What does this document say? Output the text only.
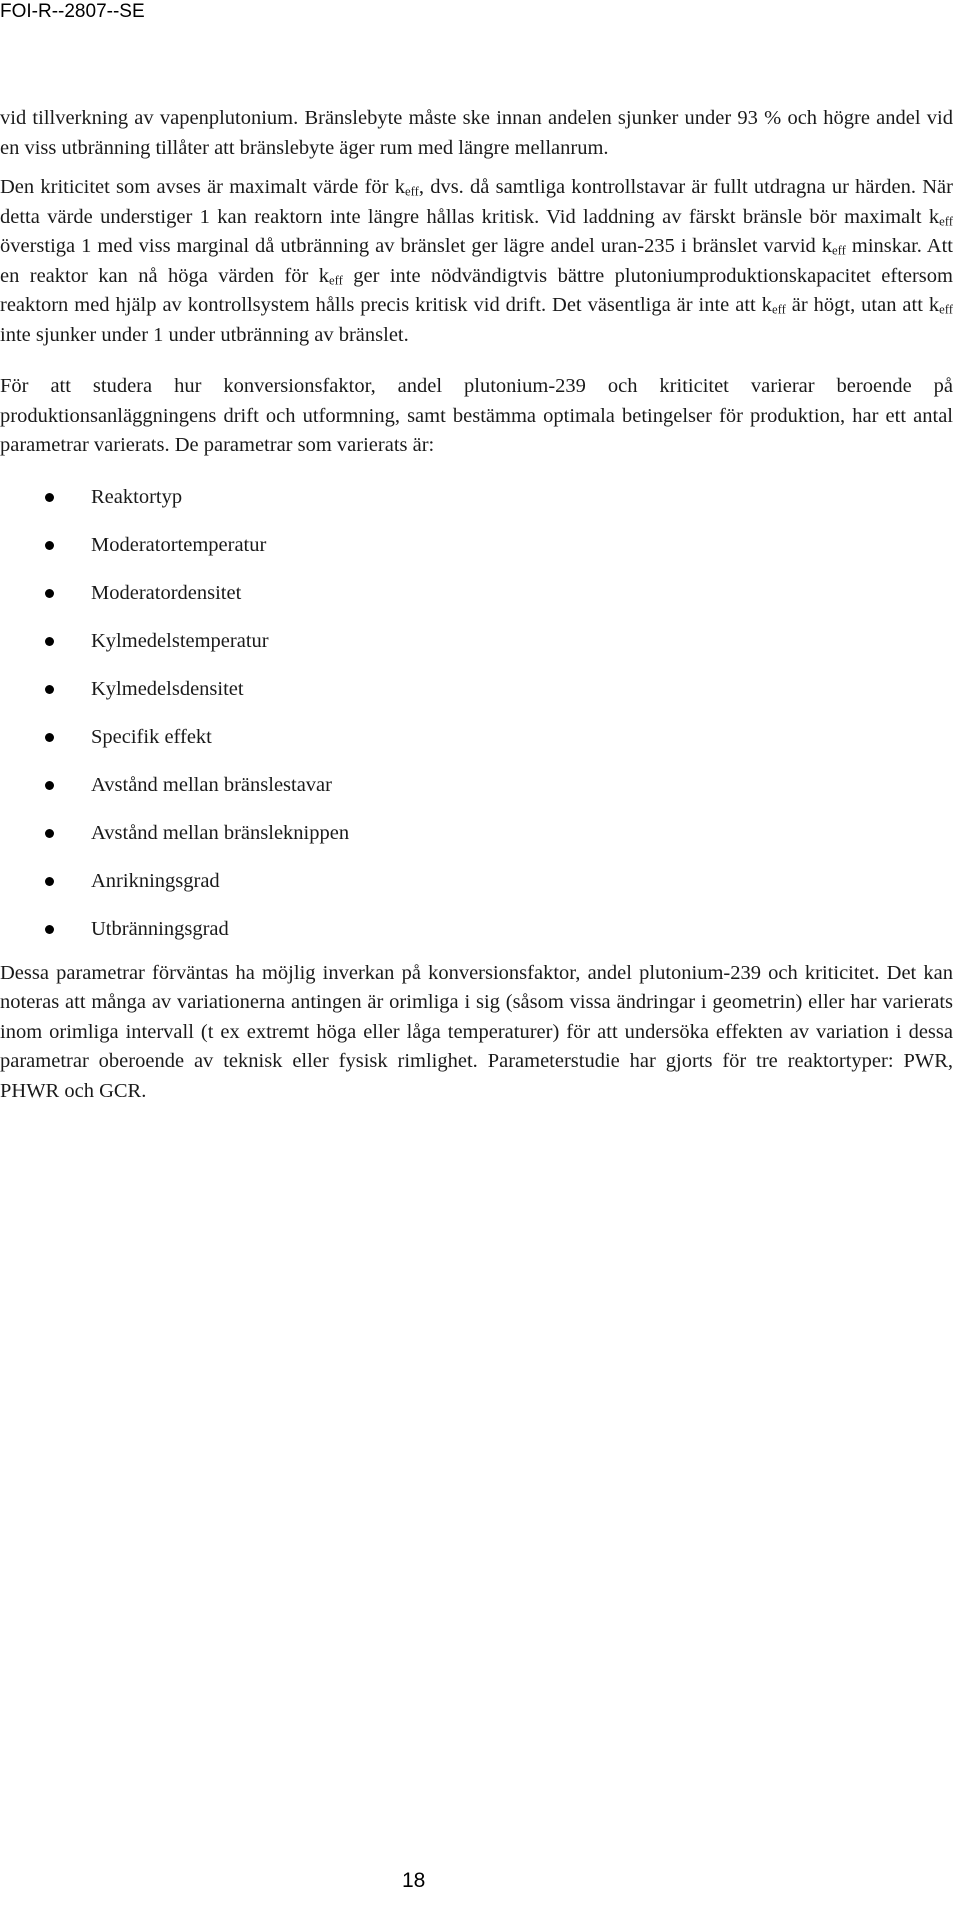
FOI-R--2807--SE

vid tillverkning av vapenplutonium. Bränslebyte måste ske innan andelen sjunker under 93 % och högre andel vid en viss utbränning tillåter att bränslebyte äger rum med längre mellanrum.

Den kriticitet som avses är maximalt värde för $k_{eff}$, dvs. då samtliga kontrollstavar är fullt utdragna ur härden. När detta värde understiger 1 kan reaktorn inte längre hållas kritisk. Vid laddning av färskt bränsle bör maximalt $k_{eff}$ överstiga 1 med viss marginal då utbränning av bränslet ger lägre andel uran-235 i bränslet varvid $k_{eff}$ minskar. Att en reaktor kan nå höga värden för $k_{eff}$ ger inte nödvändigtvis bättre plutoniumproduktionskapacitet eftersom reaktorn med hjälp av kontrollsystem hålls precis kritisk vid drift. Det väsentliga är inte att $k_{eff}$ är högt, utan att $k_{eff}$ inte sjunker under 1 under utbränning av bränslet.

För att studera hur konversionsfaktor, andel plutonium-239 och kriticitet varierar beroende på produktionsanläggningens drift och utformning, samt bestämma optimala betingelser för produktion, har ett antal parametrar varierats. De parametrar som varierats är:

Reaktortyp
Moderatortemperatur
Moderatordensitet
Kylmedelstemperatur
Kylmedelsdensitet
Specifik effekt
Avstånd mellan bränslestavar
Avstånd mellan bränsleknippen
Anrikningsgrad
Utbränningsgrad

Dessa parametrar förväntas ha möjlig inverkan på konversionsfaktor, andel plutonium-239 och kriticitet. Det kan noteras att många av variationerna antingen är orimliga i sig (såsom vissa ändringar i geometrin) eller har varierats inom orimliga intervall (t ex extremt höga eller låga temperaturer) för att undersöka effekten av variation i dessa parametrar oberoende av teknisk eller fysisk rimlighet. Parameterstudie har gjorts för tre reaktortyper: PWR, PHWR och GCR.

18
